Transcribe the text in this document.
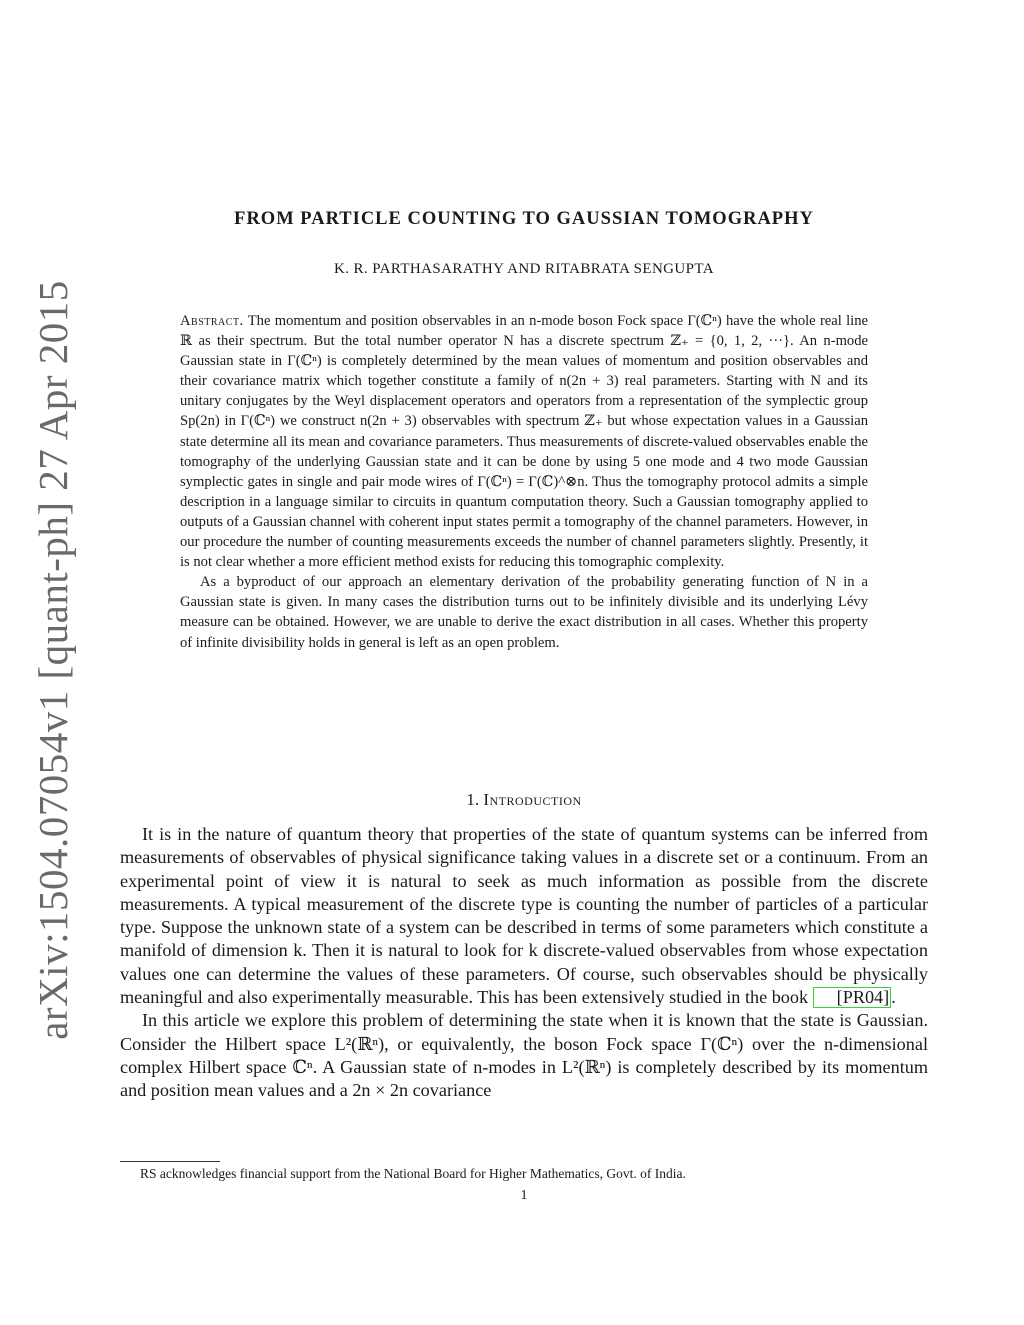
arXiv:1504.07054v1 [quant-ph] 27 Apr 2015
FROM PARTICLE COUNTING TO GAUSSIAN TOMOGRAPHY
K. R. PARTHASARATHY AND RITABRATA SENGUPTA

Abstract. The momentum and position observables in an n-mode boson Fock space Γ(ℂⁿ) have the whole real line ℝ as their spectrum. But the total number operator N has a discrete spectrum ℤ₊ = {0, 1, 2, ···}. An n-mode Gaussian state in Γ(ℂⁿ) is completely determined by the mean values of momentum and position observables and their covariance matrix which together constitute a family of n(2n + 3) real parameters. Starting with N and its unitary conjugates by the Weyl displacement operators and operators from a representation of the symplectic group Sp(2n) in Γ(ℂⁿ) we construct n(2n + 3) observables with spectrum ℤ₊ but whose expectation values in a Gaussian state determine all its mean and covariance parameters. Thus measurements of discrete-valued observables enable the tomography of the underlying Gaussian state and it can be done by using 5 one mode and 4 two mode Gaussian symplectic gates in single and pair mode wires of Γ(ℂⁿ) = Γ(ℂ)^⊗n. Thus the tomography protocol admits a simple description in a language similar to circuits in quantum computation theory. Such a Gaussian tomography applied to outputs of a Gaussian channel with coherent input states permit a tomography of the channel parameters. However, in our procedure the number of counting measurements exceeds the number of channel parameters slightly. Presently, it is not clear whether a more efficient method exists for reducing this tomographic complexity.

As a byproduct of our approach an elementary derivation of the probability generating function of N in a Gaussian state is given. In many cases the distribution turns out to be infinitely divisible and its underlying Lévy measure can be obtained. However, we are unable to derive the exact distribution in all cases. Whether this property of infinite divisibility holds in general is left as an open problem.

1. Introduction

It is in the nature of quantum theory that properties of the state of quantum systems can be inferred from measurements of observables of physical significance taking values in a discrete set or a continuum. From an experimental point of view it is natural to seek as much information as possible from the discrete measurements. A typical measurement of the discrete type is counting the number of particles of a particular type. Suppose the unknown state of a system can be described in terms of some parameters which constitute a manifold of dimension k. Then it is natural to look for k discrete-valued observables from whose expectation values one can determine the values of these parameters. Of course, such observables should be physically meaningful and also experimentally measurable. This has been extensively studied in the book [PR04] .

In this article we explore this problem of determining the state when it is known that the state is Gaussian. Consider the Hilbert space L²(ℝⁿ), or equivalently, the boson Fock space Γ(ℂⁿ) over the n-dimensional complex Hilbert space ℂⁿ. A Gaussian state of n-modes in L²(ℝⁿ) is completely described by its momentum and position mean values and a 2n × 2n covariance

RS acknowledges financial support from the National Board for Higher Mathematics, Govt. of India.
1
